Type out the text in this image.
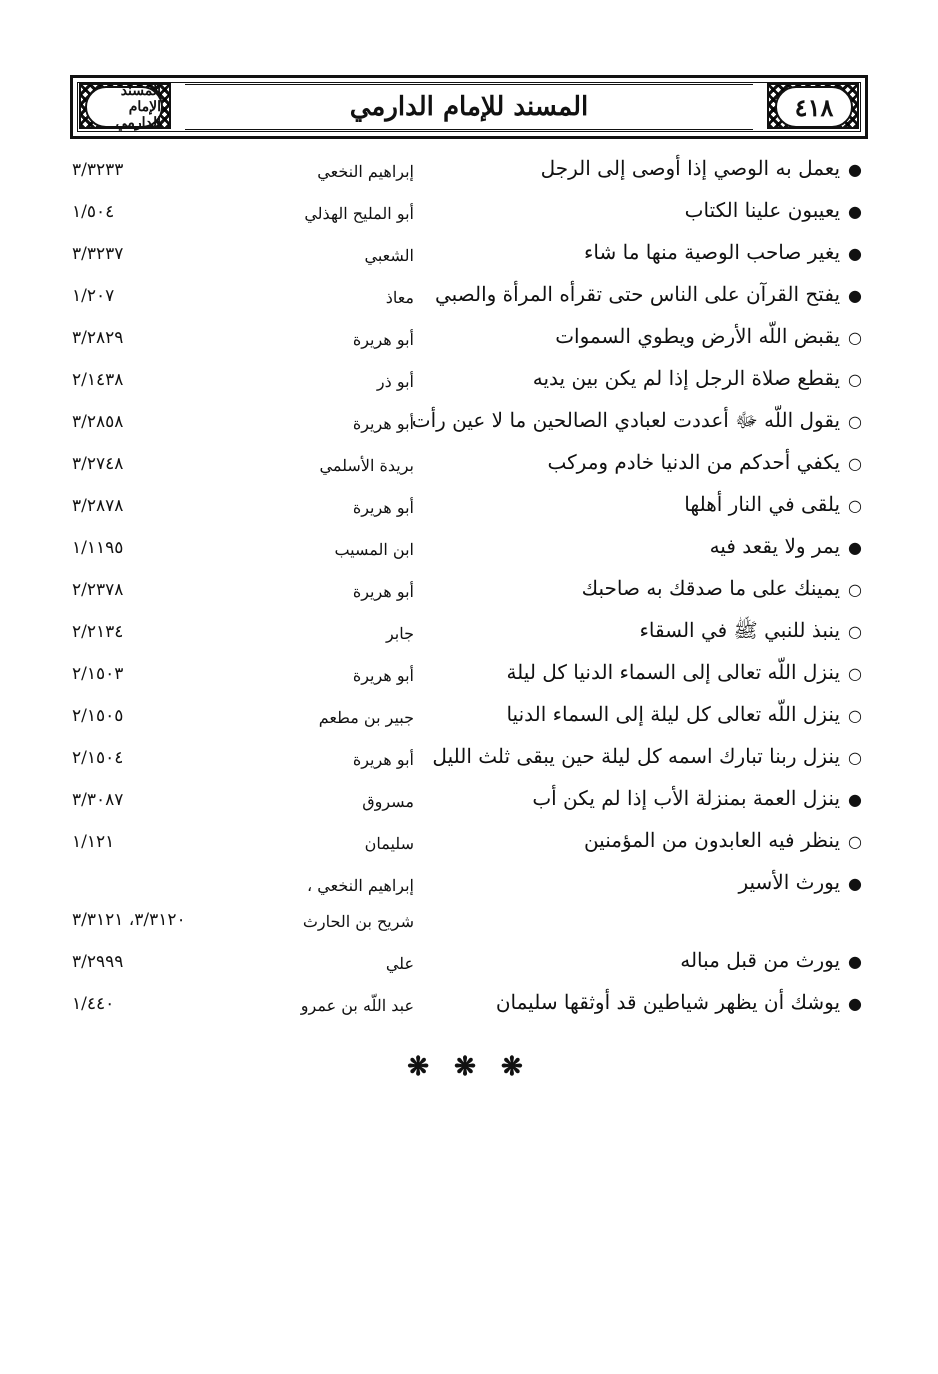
المسند الإمام الدارمي
٤١٨
المسند للإمام الدارمي
●يعمل به الوصي إذا أوصى إلى الرجل
إبراهيم النخعي
٣/٣٢٣٣
●يعيبون علينا الكتاب
أبو المليح الهذلي
١/٥٠٤
●يغير صاحب الوصية منها ما شاء
الشعبي
٣/٣٢٣٧
●يفتح القرآن على الناس حتى تقرأه المرأة والصبي
معاذ
١/٢٠٧
○يقبض اللّه الأرض ويطوي السموات
أبو هريرة
٣/٢٨٢٩
○يقطع صلاة الرجل إذا لم يكن بين يديه
أبو ذر
٢/١٤٣٨
○يقول اللّه ﷻ أعددت لعبادي الصالحين ما لا عين رأت
أبو هريرة
٣/٢٨٥٨
○يكفي أحدكم من الدنيا خادم ومركب
بريدة الأسلمي
٣/٢٧٤٨
○يلقى في النار أهلها
أبو هريرة
٣/٢٨٧٨
●يمر ولا يقعد فيه
ابن المسيب
١/١١٩٥
○يمينك على ما صدقك به صاحبك
أبو هريرة
٢/٢٣٧٨
○ينبذ للنبي ﷺ في السقاء
جابر
٢/٢١٣٤
○ينزل اللّه تعالى إلى السماء الدنيا كل ليلة
أبو هريرة
٢/١٥٠٣
○ينزل اللّه تعالى كل ليلة إلى السماء الدنيا
جبير بن مطعم
٢/١٥٠٥
○ينزل ربنا تبارك اسمه كل ليلة حين يبقى ثلث الليل
أبو هريرة
٢/١٥٠٤
●ينزل العمة بمنزلة الأب إذا لم يكن أب
مسروق
٣/٣٠٨٧
○ينظر فيه العابدون من المؤمنين
سليمان
١/١٢١
●يورث الأسير
إبراهيم النخعي ،
شريح بن الحارث
٣/٣١٢٠، ٣/٣١٢١
●يورث من قبل مباله
علي
٣/٢٩٩٩
●يوشك أن يظهر شياطين قد أوثقها سليمان
عبد اللّه بن عمرو
١/٤٤٠
❋ ❋ ❋
